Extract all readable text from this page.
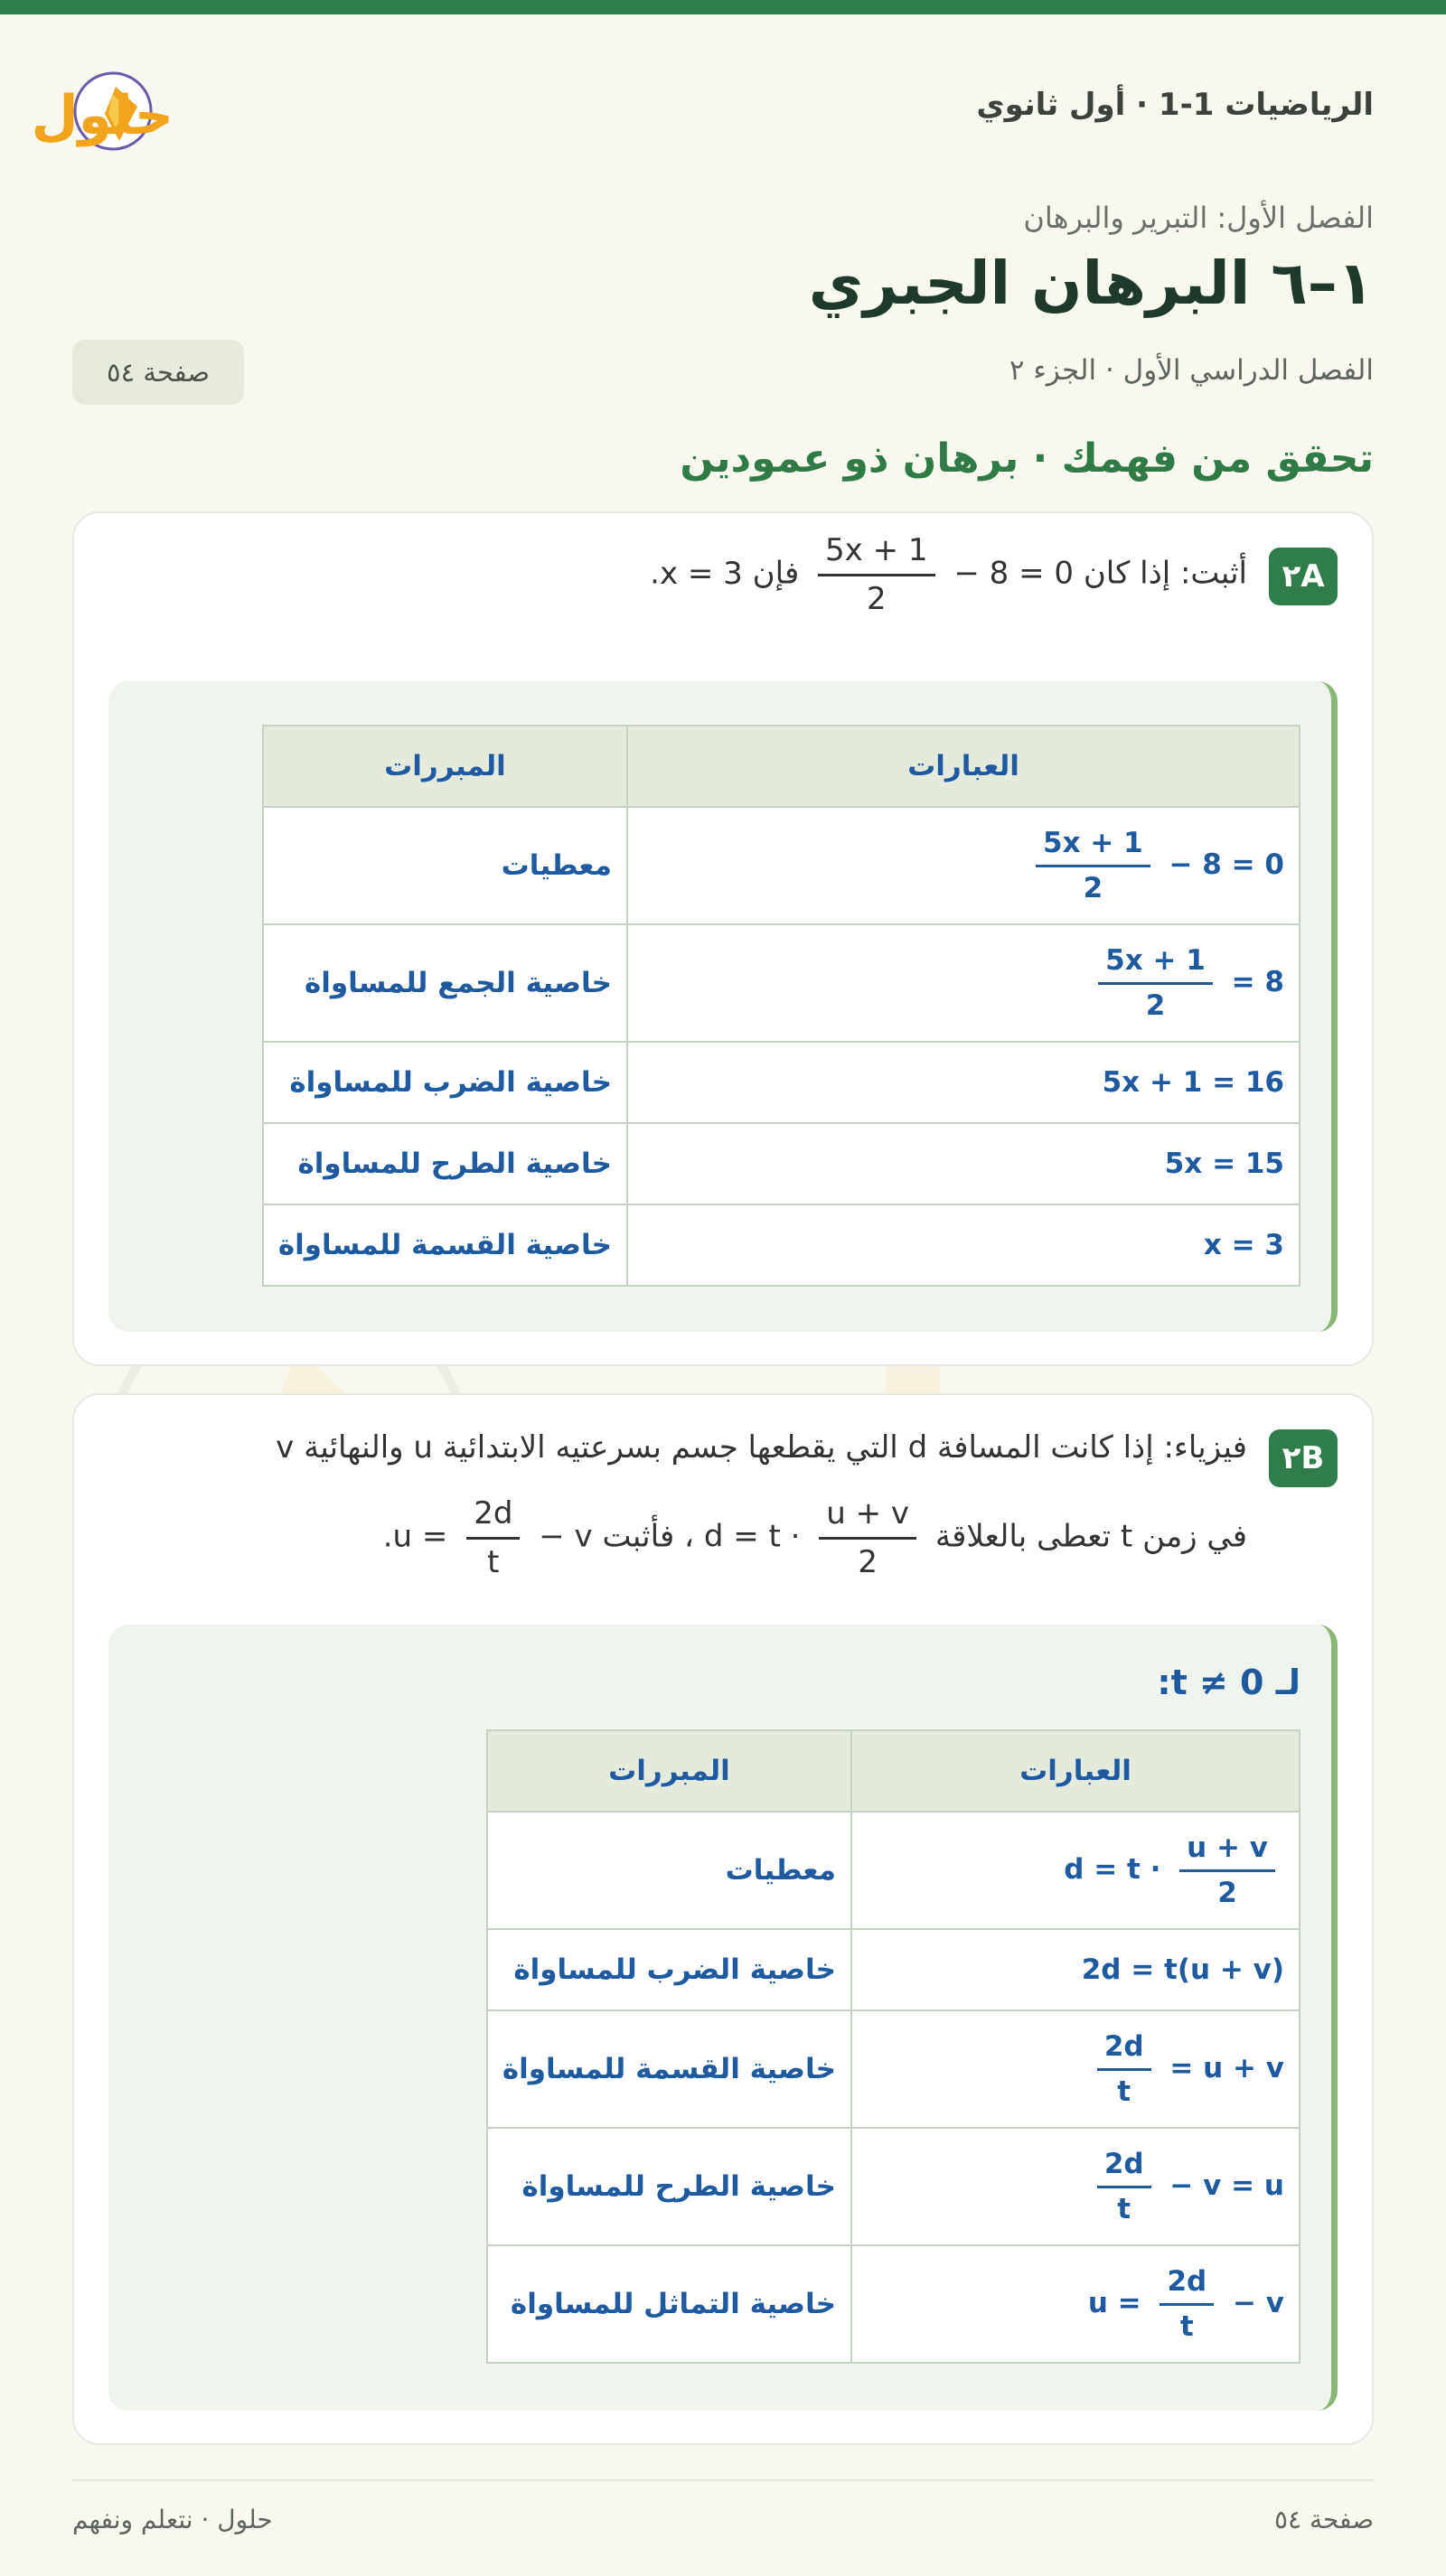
الرياضيات 1-1 · أول ثانوي
حلول
الفصل الأول: التبرير والبرهان
١–٦ البرهان الجبري
الفصل الدراسي الأول · الجزء ٢
صفحة ٥٤
تحقق من فهمك · برهان ذو عمودين
٢A
أثبت: إذا كان
$\frac{5x + 1}{2} - 8 = 0$ فإن x = 3.
العبارات	المبررات

$\frac{5x + 1}{2} - 8 = 0$	معطيات

$\frac{5x + 1}{2} = 8$	خاصية الجمع للمساواة
5x + 1 = 16	خاصية الضرب للمساواة
5x = 15	خاصية الطرح للمساواة
x = 3	خاصية القسمة للمساواة
٢B
فيزياء: إذا كانت المسافة d التي يقطعها جسم بسرعتيه الابتدائية u والنهائية v
في زمن t تعطى بالعلاقة $d = t \cdot \frac{u + v}{2}$
، فأثبت $u = \frac{2d}{t} - v$.
لـ t ≠ 0:
العبارات	المبررات
$d = t \cdot \frac{u + v}{2}$	معطيات
2d = t(u + v)	خاصية الضرب للمساواة

$\frac{2d}{t} = u + v$	خاصية القسمة للمساواة

$\frac{2d}{t} - v = u$	خاصية الطرح للمساواة
$u = \frac{2d}{t} - v$	خاصية التماثل للمساواة
صفحة ٥٤
حلول · نتعلم ونفهم
